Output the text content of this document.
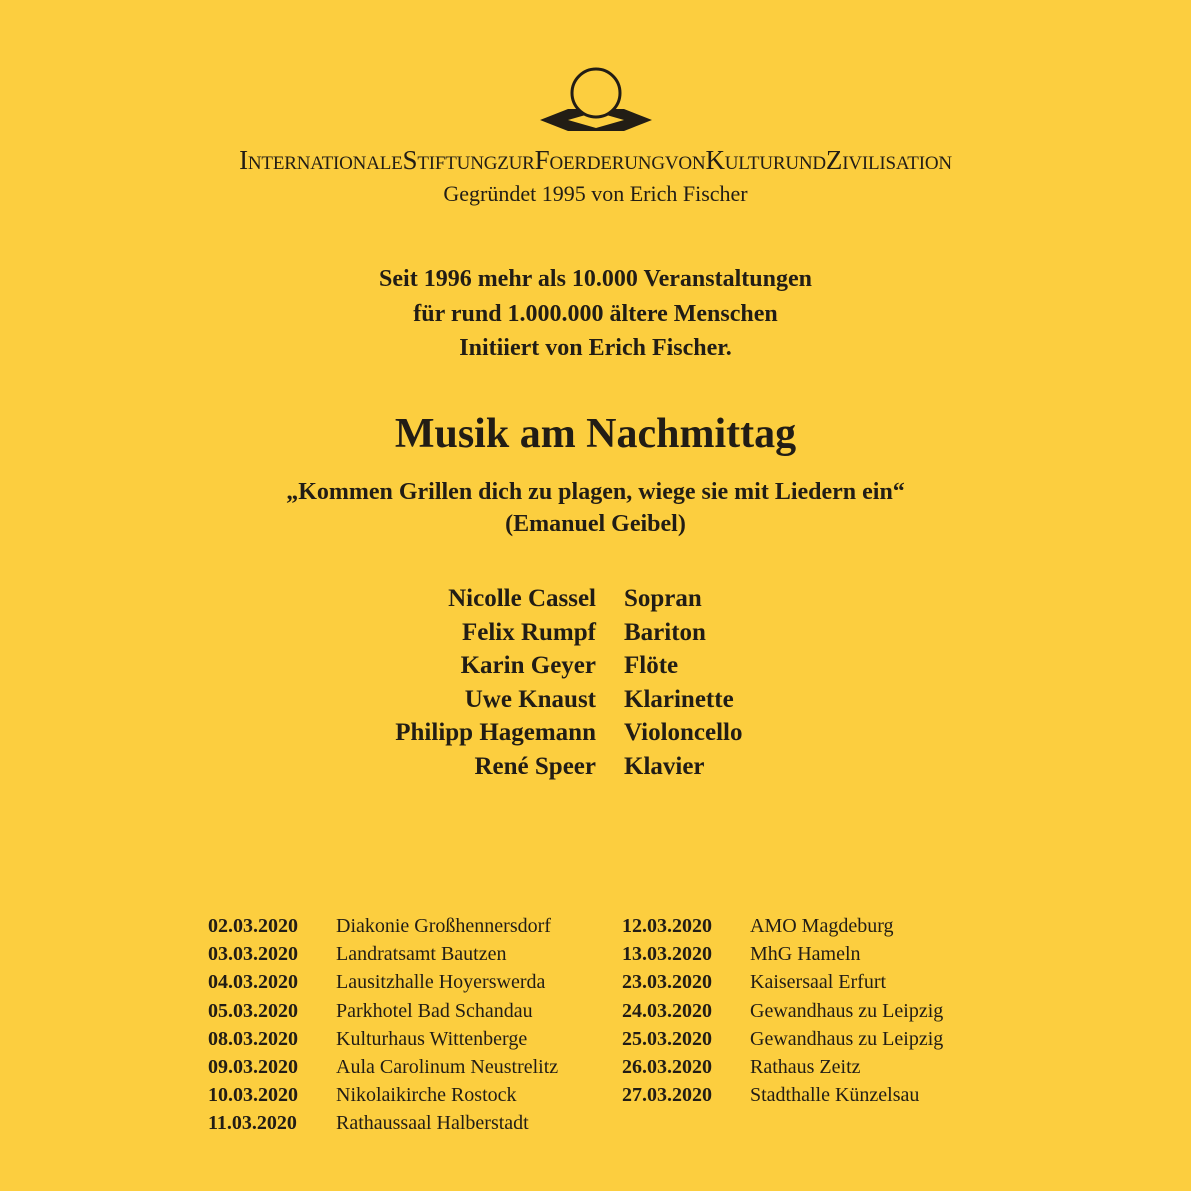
INTERNATIONALESTIFTUNGZURFOERDERUNGVONKULTURUNDZIVILISATION
Gegründet 1995 von Erich Fischer
Seit 1996 mehr als 10.000 Veranstaltungen
für rund 1.000.000 ältere Menschen
Initiiert von Erich Fischer.
Musik am Nachmittag
„Kommen Grillen dich zu plagen, wiege sie mit Liedern ein“
(Emanuel Geibel)
Nicolle Cassel Sopran
Felix Rumpf Bariton
Karin Geyer Flöte
Uwe Knaust Klarinette
Philipp Hagemann Violoncello
René Speer Klavier
02.03.2020 Diakonie Großhennersdorf
03.03.2020 Landratsamt Bautzen
04.03.2020 Lausitzhalle Hoyerswerda
05.03.2020 Parkhotel Bad Schandau
08.03.2020 Kulturhaus Wittenberge
09.03.2020 Aula Carolinum Neustrelitz
10.03.2020 Nikolaikirche Rostock
11.03.2020 Rathaussaal Halberstadt
12.03.2020 AMO Magdeburg
13.03.2020 MhG Hameln
23.03.2020 Kaisersaal Erfurt
24.03.2020 Gewandhaus zu Leipzig
25.03.2020 Gewandhaus zu Leipzig
26.03.2020 Rathaus Zeitz
27.03.2020 Stadthalle Künzelsau
